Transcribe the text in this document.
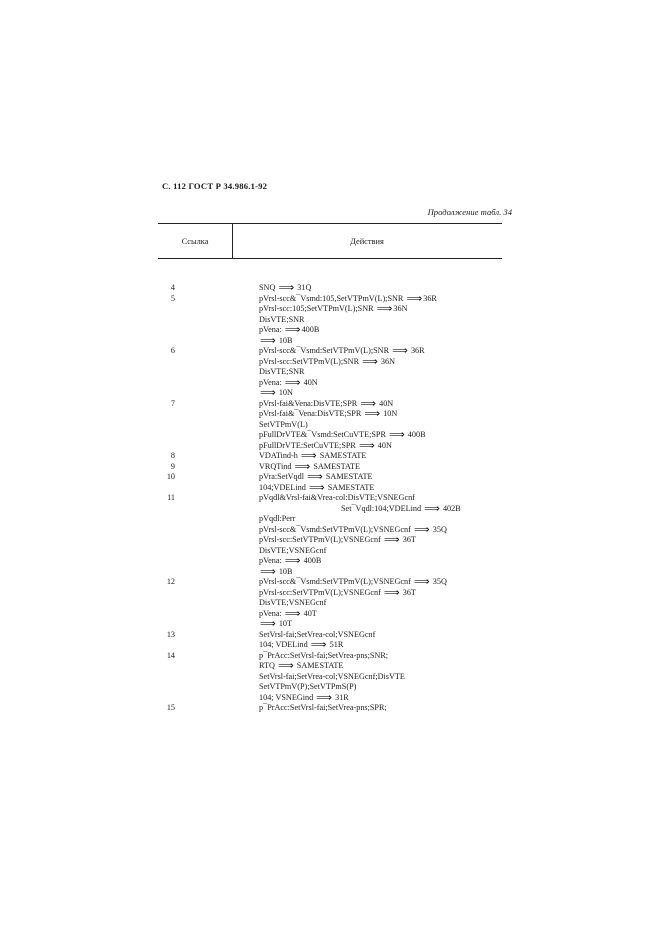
С. 112 ГОСТ Р 34.986.1-92
Продолжение табл. 34
Ссылка	Действия
4	SNQ ⟹ 31Q
5	pVrsl-scc&¯Vsmd:105,SetVTPmV(L);SNR ⟹36R
pVrsl-scc:105;SetVTPmV(L);SNR ⟹36N
DisVTE;SNR
pVena: ⟹400B
⟹ 10B
6	pVrsl-scc&¯Vsmd:SetVTPmV(L);SNR ⟹ 36R
pVrsl-scc:SetVTPmV(L);SNR ⟹ 36N
DisVTE;SNR
pVena: ⟹ 40N
⟹ 10N
7	pVrsl-fai&Vena:DisVTE;SPR ⟹ 40N
pVrsl-fai&¯Vena:DisVTE;SPR ⟹ 10N
SetVTPmV(L)
pFullDrVTE&¯Vsmd:SetCuVTE;SPR ⟹ 400B
pFullDrVTE:SetCuVTE;SPR ⟹ 40N
8	VDATind-h ⟹ SAMESTATE
9	VRQTind ⟹ SAMESTATE
10	pVra:SetVqdl ⟹ SAMESTATE
104;VDELind ⟹ SAMESTATE
11	pVqdl&Vrsl-fai&Vrea-col:DisVTE;VSNEGcnf
Set¯Vqdl:104;VDELind ⟹ 402B
pVqdl:Perr
pVrsl-scc&¯Vsmd:SetVTPmV(L);VSNEGcnf ⟹ 35Q
pVrsl-scc:SetVTPmV(L);VSNEGcnf ⟹ 36T
DisVTE;VSNEGcnf
pVena: ⟹ 400B
⟹ 10B
12	pVrsl-scc&¯Vsmd:SetVTPmV(L);VSNEGcnf ⟹ 35Q
pVrsl-scc:SetVTPmV(L);VSNEGcnf ⟹ 36T
DisVTE;VSNEGcnf
pVena: ⟹ 40T
⟹ 10T
13	SetVrsl-fai;SetVrea-col;VSNEGcnf
104; VDELind ⟹ 51R
14	p¯PrAcc:SetVrsl-fai;SetVrea-pns;SNR;
RTQ ⟹ SAMESTATE
SetVrsl-fai;SetVrea-col;VSNEGcnf;DisVTE
SetVTPmV(P);SetVTPmS(P)
104; VSNEGind ⟹ 31R
15	p¯PrAcc:SetVrsl-fai;SetVrea-pns;SPR;
